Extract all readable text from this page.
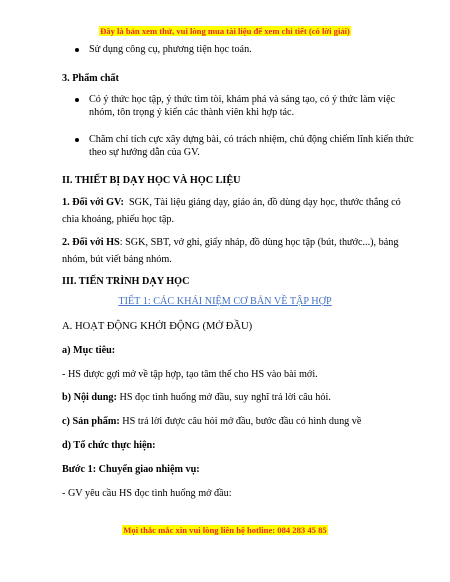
Đây là bản xem thử, vui lòng mua tài liệu để xem chi tiết (có lời giải)
Sử dụng công cụ, phương tiện học toán.
3. Phẩm chất
Có ý thức học tập, ý thức tìm tòi, khám phá và sáng tạo, có ý thức làm việc nhóm, tôn trọng ý kiến các thành viên khi hợp tác.
Chăm chỉ tích cực xây dựng bài, có trách nhiệm, chủ động chiếm lĩnh kiến thức theo sự hướng dẫn của GV.
II. THIẾT BỊ DẠY HỌC VÀ HỌC LIỆU
1. Đối với GV: SGK, Tài liệu giảng dạy, giáo án, đồ dùng dạy học, thước thẳng có
chia khoảng, phiếu học tập.
2. Đối với HS: SGK, SBT, vở ghi, giấy nháp, đồ dùng học tập (bút, thước...), bảng
nhóm, bút viết bảng nhóm.
III. TIẾN TRÌNH DẠY HỌC
TIẾT 1: CÁC KHÁI NIỆM CƠ BẢN VỀ TẬP HỢP
A. HOẠT ĐỘNG KHỞI ĐỘNG (MỞ ĐẦU)
a) Mục tiêu:
- HS được gợi mở về tập hợp, tạo tâm thế cho HS vào bài mới.
b) Nội dung: HS đọc tình huống mở đầu, suy nghĩ trả lời câu hỏi.
c) Sản phẩm: HS trả lời được câu hỏi mở đầu, bước đầu có hình dung về
d) Tổ chức thực hiện:
Bước 1: Chuyển giao nhiệm vụ:
- GV yêu cầu HS đọc tình huống mở đầu:
Mọi thắc mắc xin vui lòng liên hệ hotline: 084 283 45 85
